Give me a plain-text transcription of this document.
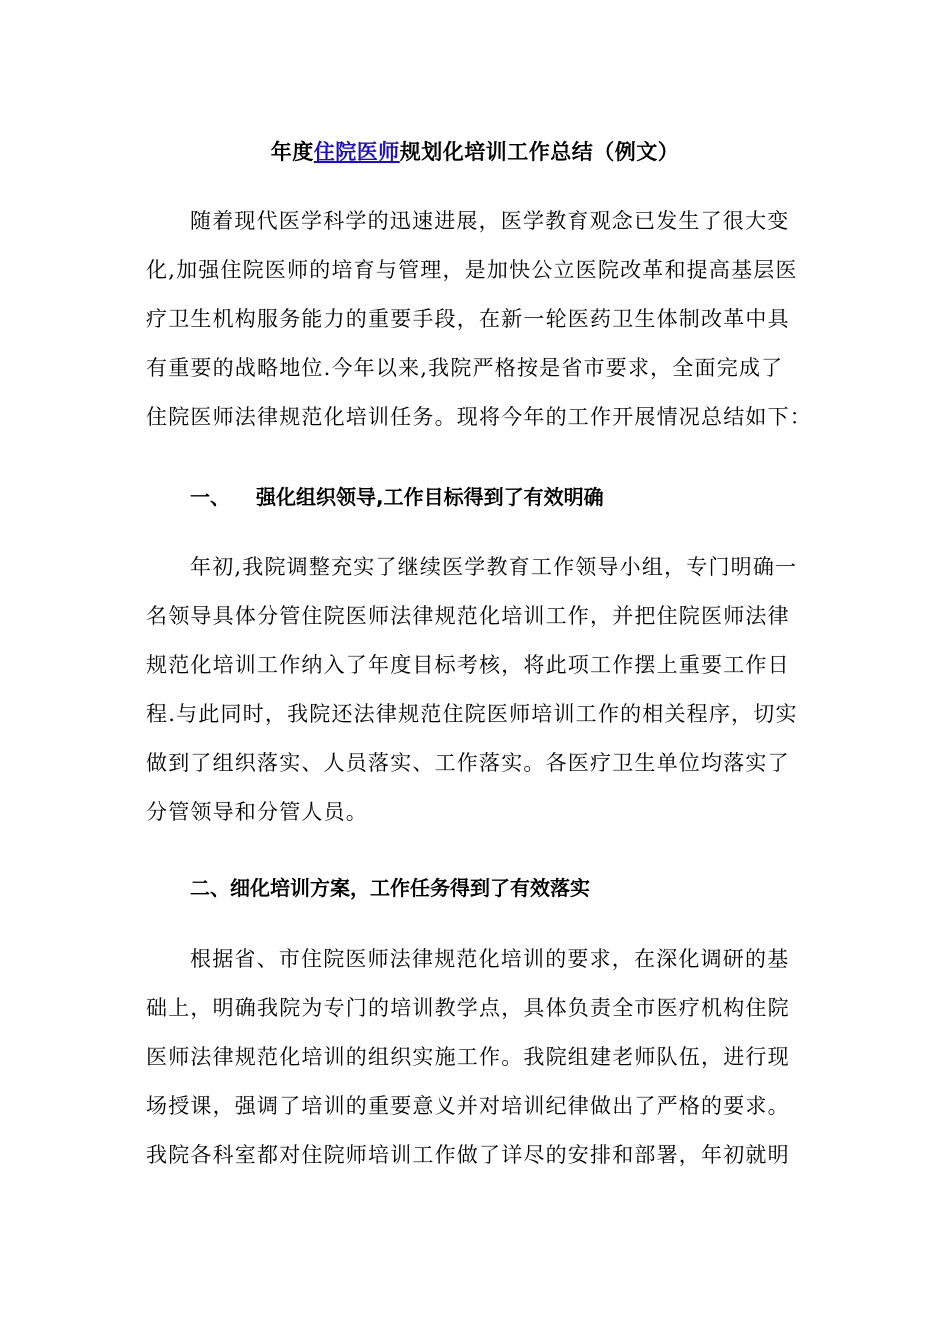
年度住院医师规划化培训工作总结（例文）
随着现代医学科学的迅速进展，医学教育观念已发生了很大变
化,加强住院医师的培育与管理，是加快公立医院改革和提高基层医
疗卫生机构服务能力的重要手段，在新一轮医药卫生体制改革中具
有重要的战略地位.今年以来,我院严格按是省市要求，全面完成了
住院医师法律规范化培训任务。现将今年的工作开展情况总结如下：
一、 强化组织领导,工作目标得到了有效明确
年初,我院调整充实了继续医学教育工作领导小组，专门明确一
名领导具体分管住院医师法律规范化培训工作，并把住院医师法律
规范化培训工作纳入了年度目标考核，将此项工作摆上重要工作日
程.与此同时，我院还法律规范住院医师培训工作的相关程序，切实
做到了组织落实、人员落实、工作落实。各医疗卫生单位均落实了
分管领导和分管人员。
二、细化培训方案，工作任务得到了有效落实
根据省、市住院医师法律规范化培训的要求，在深化调研的基
础上，明确我院为专门的培训教学点，具体负责全市医疗机构住院
医师法律规范化培训的组织实施工作。我院组建老师队伍，进行现
场授课，强调了培训的重要意义并对培训纪律做出了严格的要求。
我院各科室都对住院师培训工作做了详尽的安排和部署，年初就明
